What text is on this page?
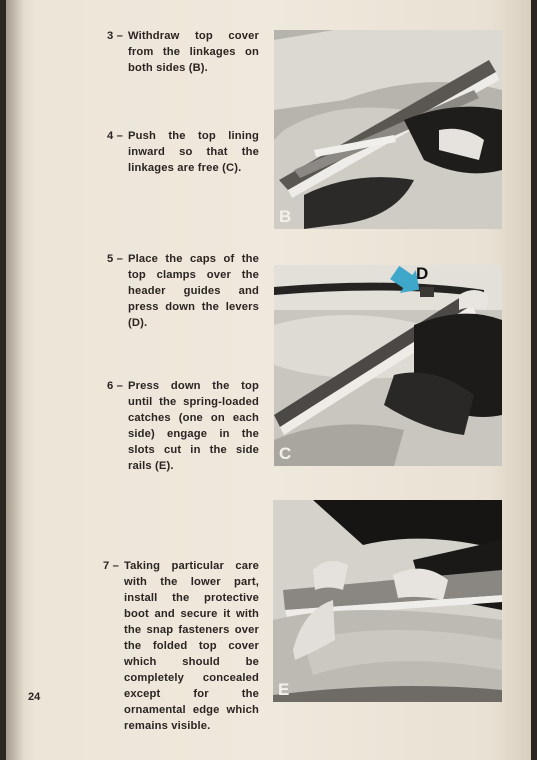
3 – Withdraw top cover from the linkages on both sides (B).
4 – Push the top lining inward so that the linkages are free (C).
5 – Place the caps of the top clamps over the header guides and press down the levers (D).
6 – Press down the top until the spring-loaded catches (one on each side) engage in the slots cut in the side rails (E).
7 – Taking particular care with the lower part, install the protective boot and secure it with the snap fasteners over the folded top cover which should be completely concealed except for the ornamental edge which remains visible.
B
D
C
E
24
